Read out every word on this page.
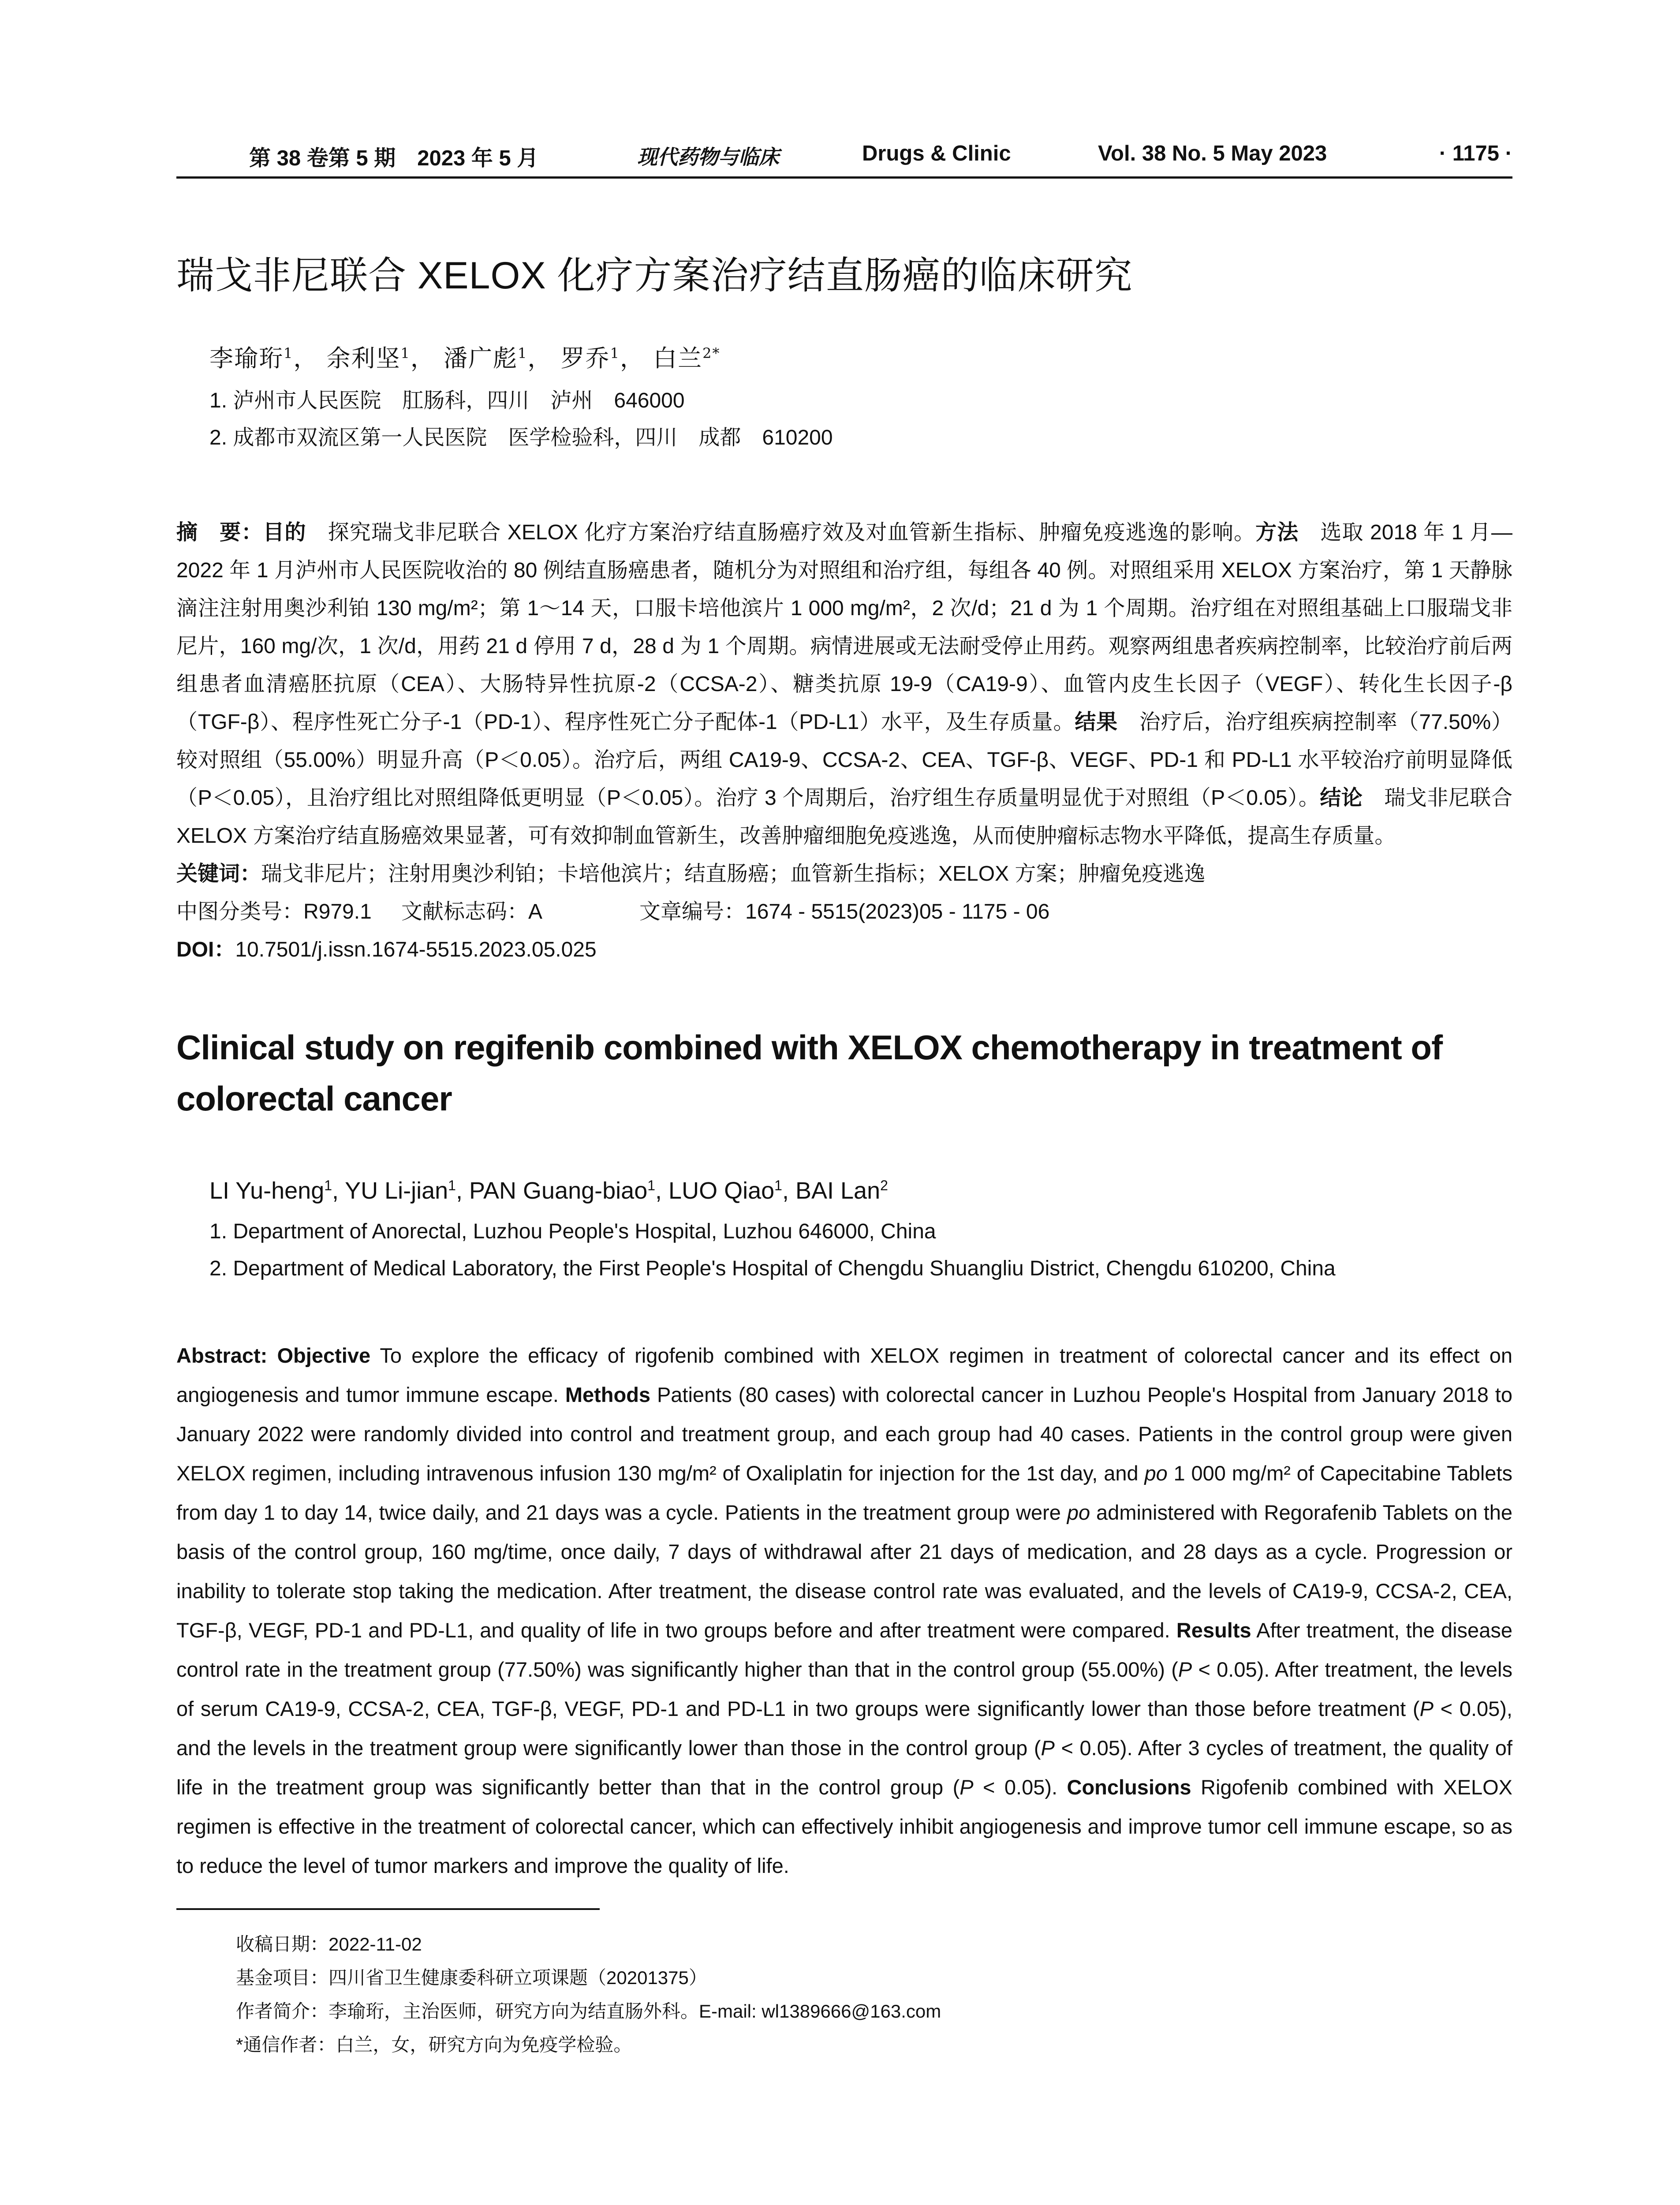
第 38 卷第 5 期　2023 年 5 月	现代药物与临床	Drugs & Clinic	Vol. 38 No. 5 May 2023	· 1175 ·
瑞戈非尼联合 XELOX 化疗方案治疗结直肠癌的临床研究
李瑜珩$^1$， 余利坚$^1$， 潘广彪$^1$， 罗乔$^1$， 白兰$^{2*}$
1. 泸州市人民医院　肛肠科，四川　泸州　646000
2. 成都市双流区第一人民医院　医学检验科，四川　成都　610200

摘　要：目的　探究瑞戈非尼联合 XELOX 化疗方案治疗结直肠癌疗效及对血管新生指标、肿瘤免疫逃逸的影响。方法　选取 2018 年 1 月—2022 年 1 月泸州市人民医院收治的 80 例结直肠癌患者，随机分为对照组和治疗组，每组各 40 例。对照组采用 XELOX 方案治疗，第 1 天静脉滴注注射用奥沙利铂 130 mg/m²；第 1～14 天，口服卡培他滨片 1 000 mg/m²，2 次/d；21 d 为 1 个周期。治疗组在对照组基础上口服瑞戈非尼片，160 mg/次，1 次/d，用药 21 d 停用 7 d，28 d 为 1 个周期。病情进展或无法耐受停止用药。观察两组患者疾病控制率，比较治疗前后两组患者血清癌胚抗原（CEA）、大肠特异性抗原-2（CCSA-2）、糖类抗原 19-9（CA19-9）、血管内皮生长因子（VEGF）、转化生长因子-β（TGF-β）、程序性死亡分子-1（PD-1）、程序性死亡分子配体-1（PD-L1）水平，及生存质量。结果　治疗后，治疗组疾病控制率（77.50%）较对照组（55.00%）明显升高（P＜0.05）。治疗后，两组 CA19-9、CCSA-2、CEA、TGF-β、VEGF、PD-1 和 PD-L1 水平较治疗前明显降低（P＜0.05），且治疗组比对照组降低更明显（P＜0.05）。治疗 3 个周期后，治疗组生存质量明显优于对照组（P＜0.05）。结论　瑞戈非尼联合 XELOX 方案治疗结直肠癌效果显著，可有效抑制血管新生，改善肿瘤细胞免疫逃逸，从而使肿瘤标志物水平降低，提高生存质量。

关键词：瑞戈非尼片；注射用奥沙利铂；卡培他滨片；结直肠癌；血管新生指标；XELOX 方案；肿瘤免疫逃逸
中图分类号：R979.1 文献标志码：A	文章编号：1674 - 5515(2023)05 - 1175 - 06
DOI：10.7501/j.issn.1674-5515.2023.05.025
Clinical study on regifenib combined with XELOX chemotherapy in treatment of colorectal cancer
LI Yu-heng$^1$, YU Li-jian$^1$, PAN Guang-biao$^1$, LUO Qiao$^1$, BAI Lan$^2$
1. Department of Anorectal, Luzhou People's Hospital, Luzhou 646000, China
2. Department of Medical Laboratory, the First People's Hospital of Chengdu Shuangliu District, Chengdu 610200, China
Abstract: Objective To explore the efficacy of rigofenib combined with XELOX regimen in treatment of colorectal cancer and its effect on angiogenesis and tumor immune escape. Methods Patients (80 cases) with colorectal cancer in Luzhou People's Hospital from January 2018 to January 2022 were randomly divided into control and treatment group, and each group had 40 cases. Patients in the control group were given XELOX regimen, including intravenous infusion 130 mg/m² of Oxaliplatin for injection for the 1st day, and po 1 000 mg/m² of Capecitabine Tablets from day 1 to day 14, twice daily, and 21 days was a cycle. Patients in the treatment group were po administered with Regorafenib Tablets on the basis of the control group, 160 mg/time, once daily, 7 days of withdrawal after 21 days of medication, and 28 days as a cycle. Progression or inability to tolerate stop taking the medication. After treatment, the disease control rate was evaluated, and the levels of CA19-9, CCSA-2, CEA, TGF-β, VEGF, PD-1 and PD-L1, and quality of life in two groups before and after treatment were compared. Results After treatment, the disease control rate in the treatment group (77.50%) was significantly higher than that in the control group (55.00%) (P < 0.05). After treatment, the levels of serum CA19-9, CCSA-2, CEA, TGF-β, VEGF, PD-1 and PD-L1 in two groups were significantly lower than those before treatment (P < 0.05), and the levels in the treatment group were significantly lower than those in the control group (P < 0.05). After 3 cycles of treatment, the quality of life in the treatment group was significantly better than that in the control group (P < 0.05). Conclusions Rigofenib combined with XELOX regimen is effective in the treatment of colorectal cancer, which can effectively inhibit angiogenesis and improve tumor cell immune escape, so as to reduce the level of tumor markers and improve the quality of life.
收稿日期：2022-11-02
基金项目：四川省卫生健康委科研立项课题（20201375）
作者简介：李瑜珩，主治医师，研究方向为结直肠外科。E-mail: wl1389666@163.com
*通信作者：白兰，女，研究方向为免疫学检验。
